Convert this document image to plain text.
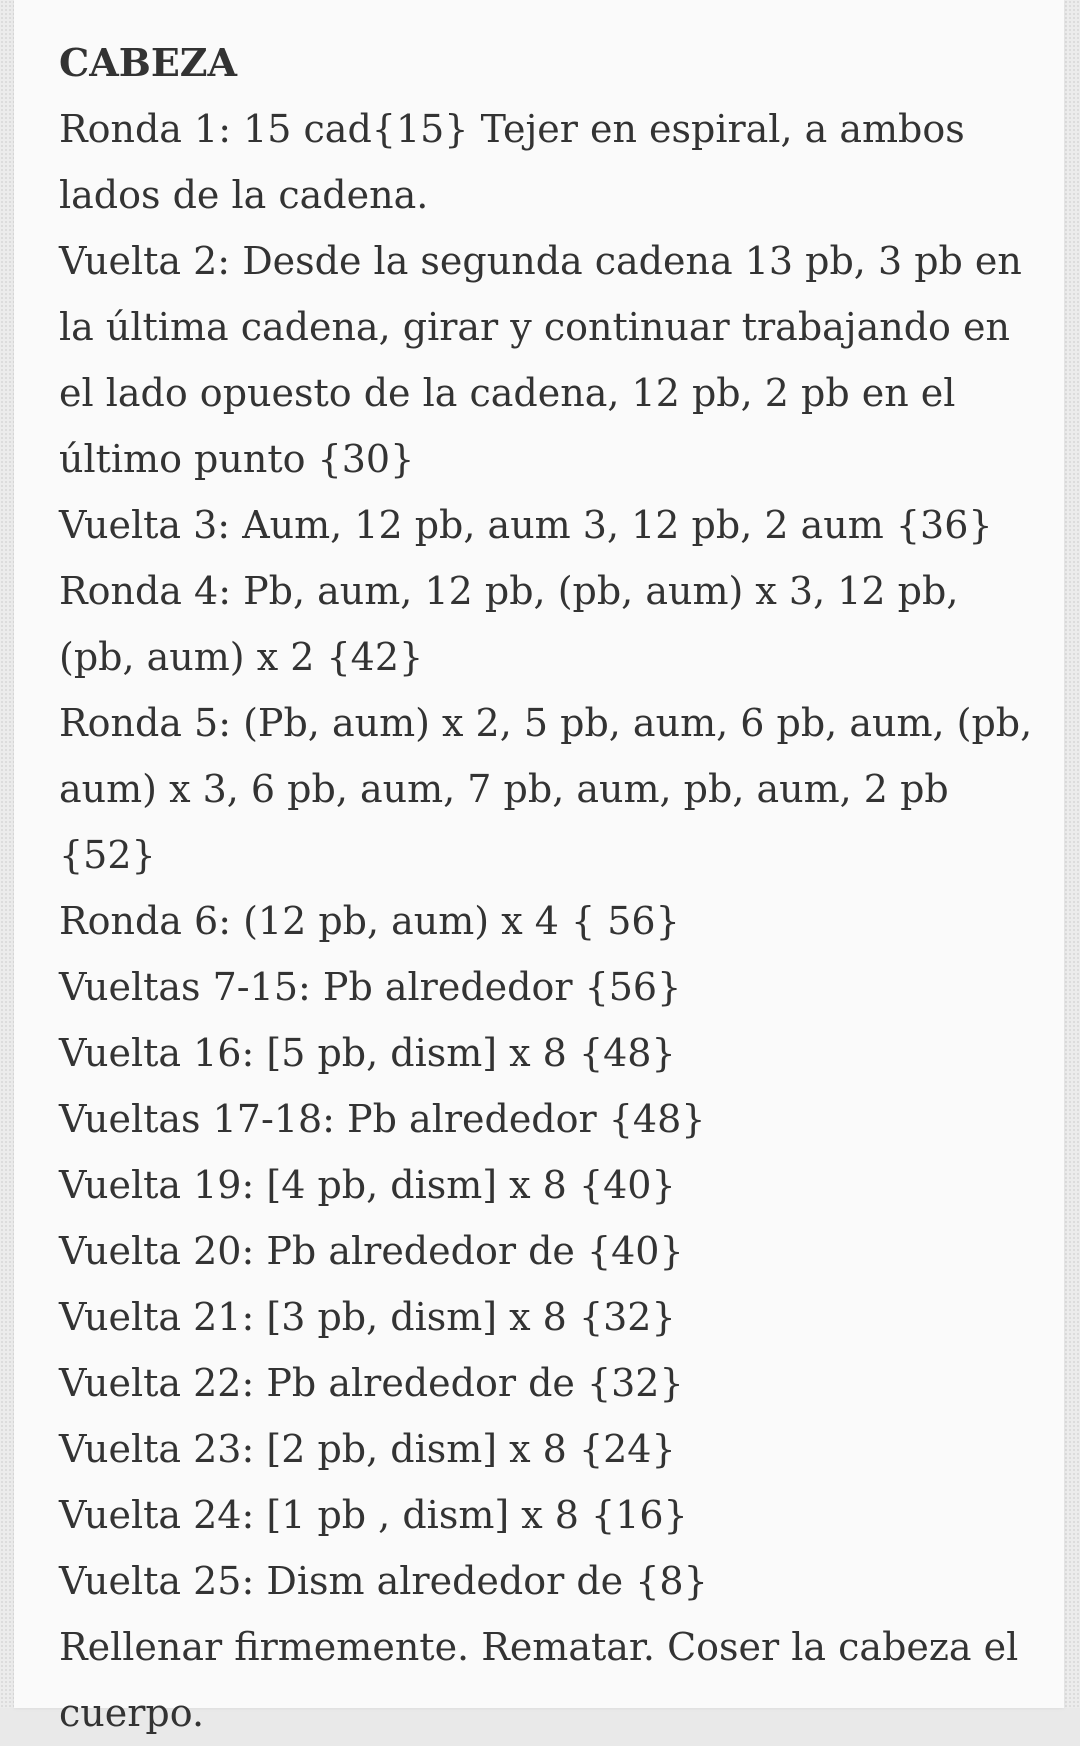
CABEZA

Ronda 1: 15 cad{15} Tejer en espiral, a ambos lados de la cadena.

Vuelta 2: Desde la segunda cadena 13 pb, 3 pb en la última cadena, girar y continuar trabajando en el lado opuesto de la cadena, 12 pb, 2 pb en el último punto {30}

Vuelta 3: Aum, 12 pb, aum 3, 12 pb, 2 aum {36}

Ronda 4: Pb, aum, 12 pb, (pb, aum) x 3, 12 pb, (pb, aum) x 2 {42}

Ronda 5: (Pb, aum) x 2, 5 pb, aum, 6 pb, aum, (pb, aum) x 3, 6 pb, aum, 7 pb, aum, pb, aum, 2 pb {52}

Ronda 6: (12 pb, aum) x 4 { 56}

Vueltas 7-15: Pb alrededor {56}

Vuelta 16: [5 pb, dism] x 8 {48}

Vueltas 17-18: Pb alrededor {48}

Vuelta 19: [4 pb, dism] x 8 {40}

Vuelta 20: Pb alrededor de {40}

Vuelta 21: [3 pb, dism] x 8 {32}

Vuelta 22: Pb alrededor de {32}

Vuelta 23: [2 pb, dism] x 8 {24}

Vuelta 24: [1 pb , dism] x 8 {16}

Vuelta 25: Dism alrededor de {8}

Rellenar firmemente. Rematar. Coser la cabeza el cuerpo.
